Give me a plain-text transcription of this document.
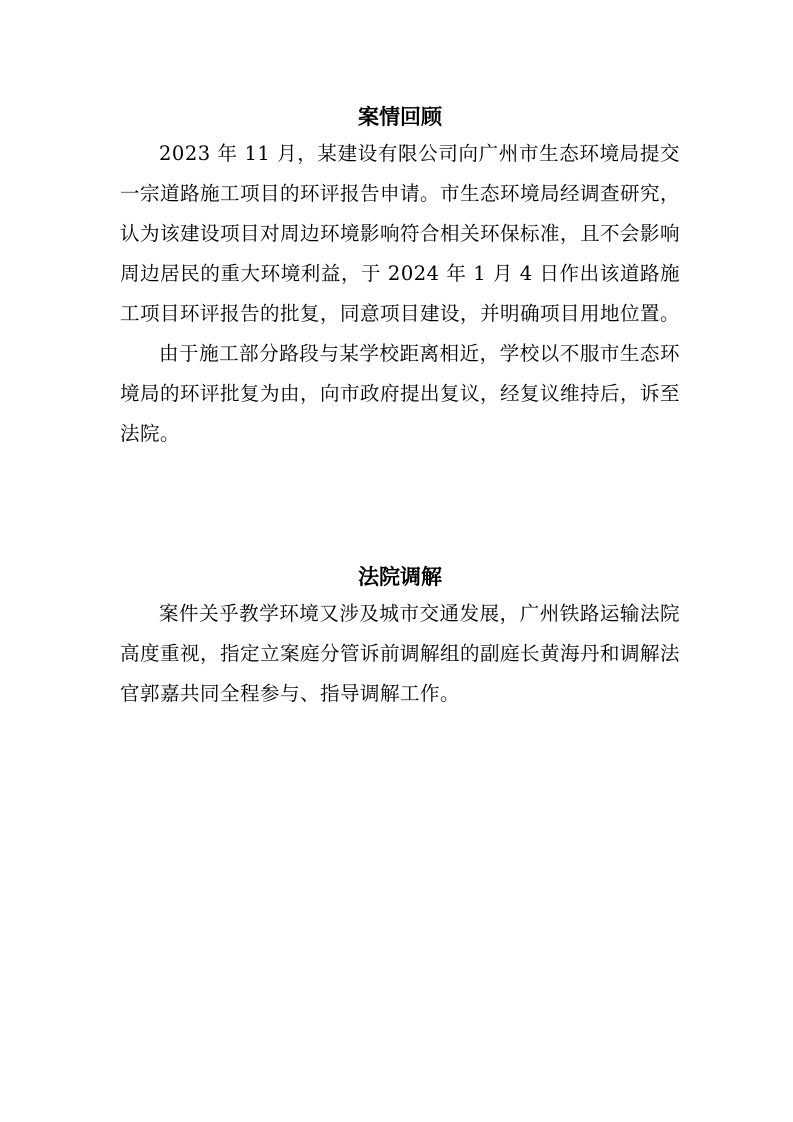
案情回顾

2023 年 11 月，某建设有限公司向广州市生态环境局提交一宗道路施工项目的环评报告申请。市生态环境局经调查研究，认为该建设项目对周边环境影响符合相关环保标准，且不会影响周边居民的重大环境利益，于 2024 年 1 月 4 日作出该道路施工项目环评报告的批复，同意项目建设，并明确项目用地位置。

由于施工部分路段与某学校距离相近，学校以不服市生态环境局的环评批复为由，向市政府提出复议，经复议维持后，诉至法院。

法院调解

案件关乎教学环境又涉及城市交通发展，广州铁路运输法院高度重视，指定立案庭分管诉前调解组的副庭长黄海丹和调解法官郭嘉共同全程参与、指导调解工作。
